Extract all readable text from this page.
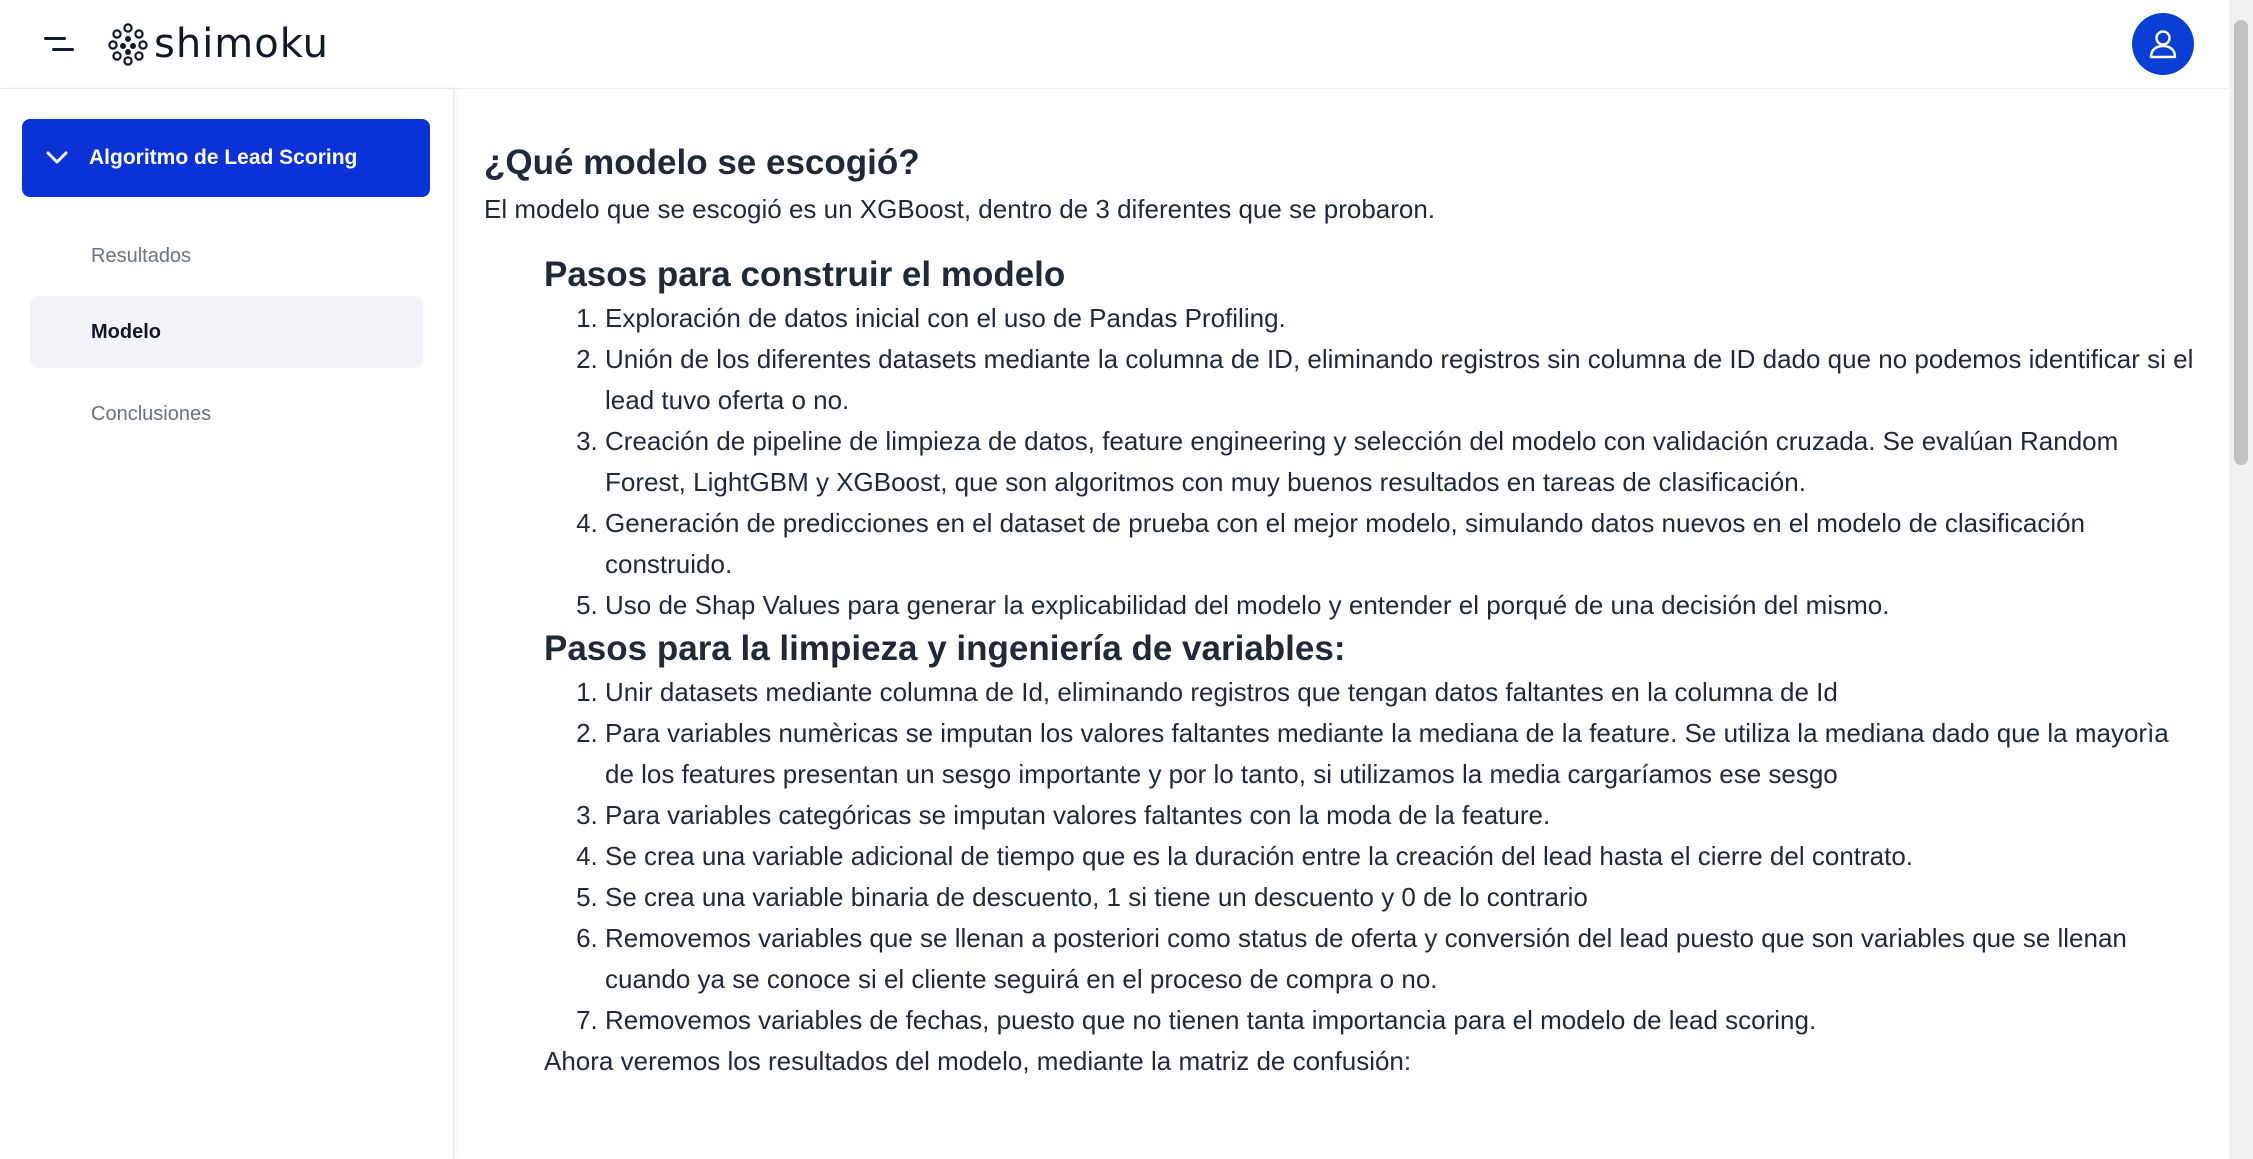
shimoku
Algoritmo de Lead Scoring
Resultados
Modelo
Conclusiones
¿Qué modelo se escogió?

El modelo que se escogió es un XGBoost, dentro de 3 diferentes que se probaron.

Pasos para construir el modelo
1. Exploración de datos inicial con el uso de Pandas Profiling.
2. Unión de los diferentes datasets mediante la columna de ID, eliminando registros sin columna de ID dado que no podemos identificar si el lead tuvo oferta o no.
3. Creación de pipeline de limpieza de datos, feature engineering y selección del modelo con validación cruzada. Se evalúan Random Forest, LightGBM y XGBoost, que son algoritmos con muy buenos resultados en tareas de clasificación.
4. Generación de predicciones en el dataset de prueba con el mejor modelo, simulando datos nuevos en el modelo de clasificación construido.
5. Uso de Shap Values para generar la explicabilidad del modelo y entender el porqué de una decisión del mismo.
Pasos para la limpieza y ingeniería de variables:
1. Unir datasets mediante columna de Id, eliminando registros que tengan datos faltantes en la columna de Id
2. Para variables numèricas se imputan los valores faltantes mediante la mediana de la feature. Se utiliza la mediana dado que la mayorìa de los features presentan un sesgo importante y por lo tanto, si utilizamos la media cargaríamos ese sesgo
3. Para variables categóricas se imputan valores faltantes con la moda de la feature.
4. Se crea una variable adicional de tiempo que es la duración entre la creación del lead hasta el cierre del contrato.
5. Se crea una variable binaria de descuento, 1 si tiene un descuento y 0 de lo contrario
6. Removemos variables que se llenan a posteriori como status de oferta y conversión del lead puesto que son variables que se llenan cuando ya se conoce si el cliente seguirá en el proceso de compra o no.
7. Removemos variables de fechas, puesto que no tienen tanta importancia para el modelo de lead scoring.

Ahora veremos los resultados del modelo, mediante la matriz de confusión:
